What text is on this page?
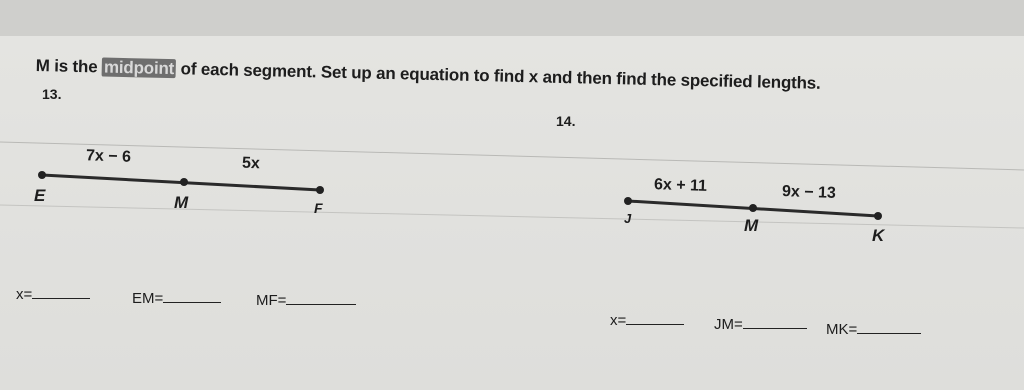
M is the midpoint of each segment. Set up an equation to find x and then find the specified lengths.
13.
7x − 6	5x
E	M	F
x=	EM=	MF=
14.
6x + 11	9x − 13
J	M
K
x=	JM=	MK=
